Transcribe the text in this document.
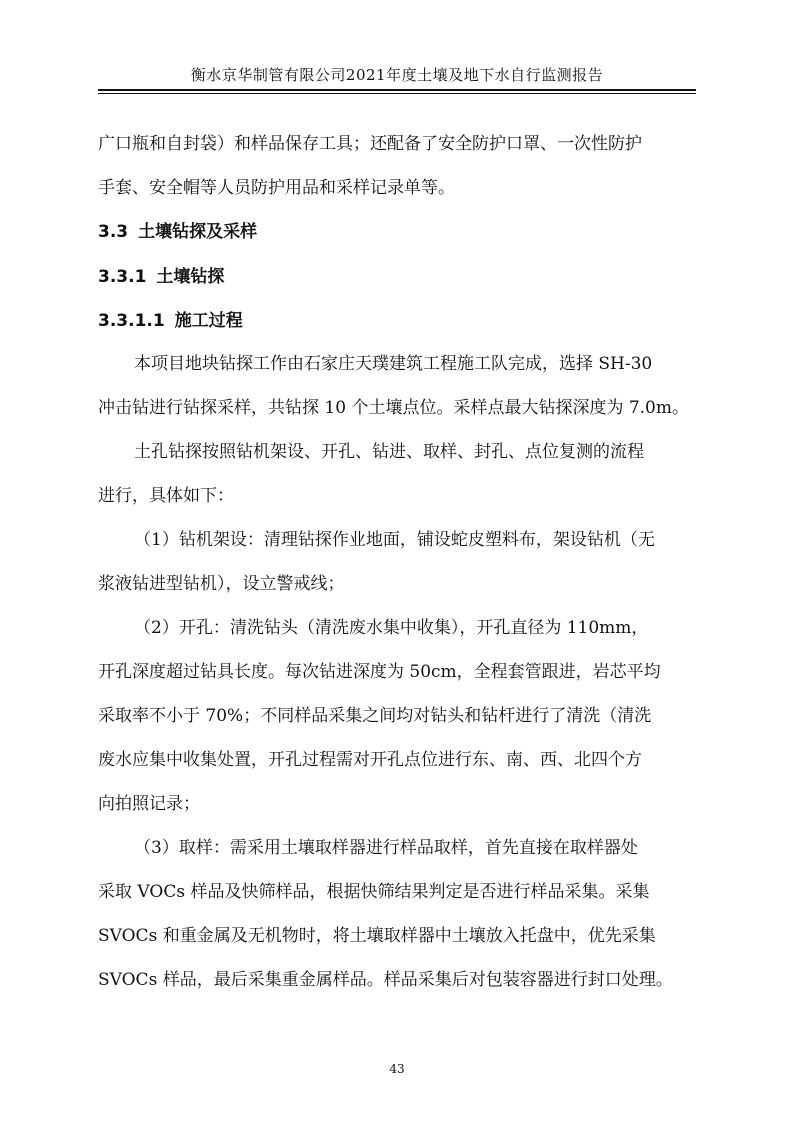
衡水京华制管有限公司2021年度土壤及地下水自行监测报告
广口瓶和自封袋）和样品保存工具；还配备了安全防护口罩、一次性防护
手套、安全帽等人员防护用品和采样记录单等。
3.3 土壤钻探及采样
3.3.1 土壤钻探
3.3.1.1 施工过程
本项目地块钻探工作由石家庄天璞建筑工程施工队完成，选择 SH-30
冲击钻进行钻探采样，共钻探 10 个土壤点位。采样点最大钻探深度为 7.0m。
土孔钻探按照钻机架设、开孔、钻进、取样、封孔、点位复测的流程
进行，具体如下：
（1）钻机架设：清理钻探作业地面，铺设蛇皮塑料布，架设钻机（无
浆液钻进型钻机），设立警戒线；
（2）开孔：清洗钻头（清洗废水集中收集），开孔直径为 110mm，
开孔深度超过钻具长度。每次钻进深度为 50cm，全程套管跟进，岩芯平均
采取率不小于 70%；不同样品采集之间均对钻头和钻杆进行了清洗（清洗
废水应集中收集处置，开孔过程需对开孔点位进行东、南、西、北四个方
向拍照记录；
（3）取样：需采用土壤取样器进行样品取样，首先直接在取样器处
采取 VOCs 样品及快筛样品，根据快筛结果判定是否进行样品采集。采集
SVOCs 和重金属及无机物时，将土壤取样器中土壤放入托盘中，优先采集
SVOCs 样品，最后采集重金属样品。样品采集后对包装容器进行封口处理。
43
